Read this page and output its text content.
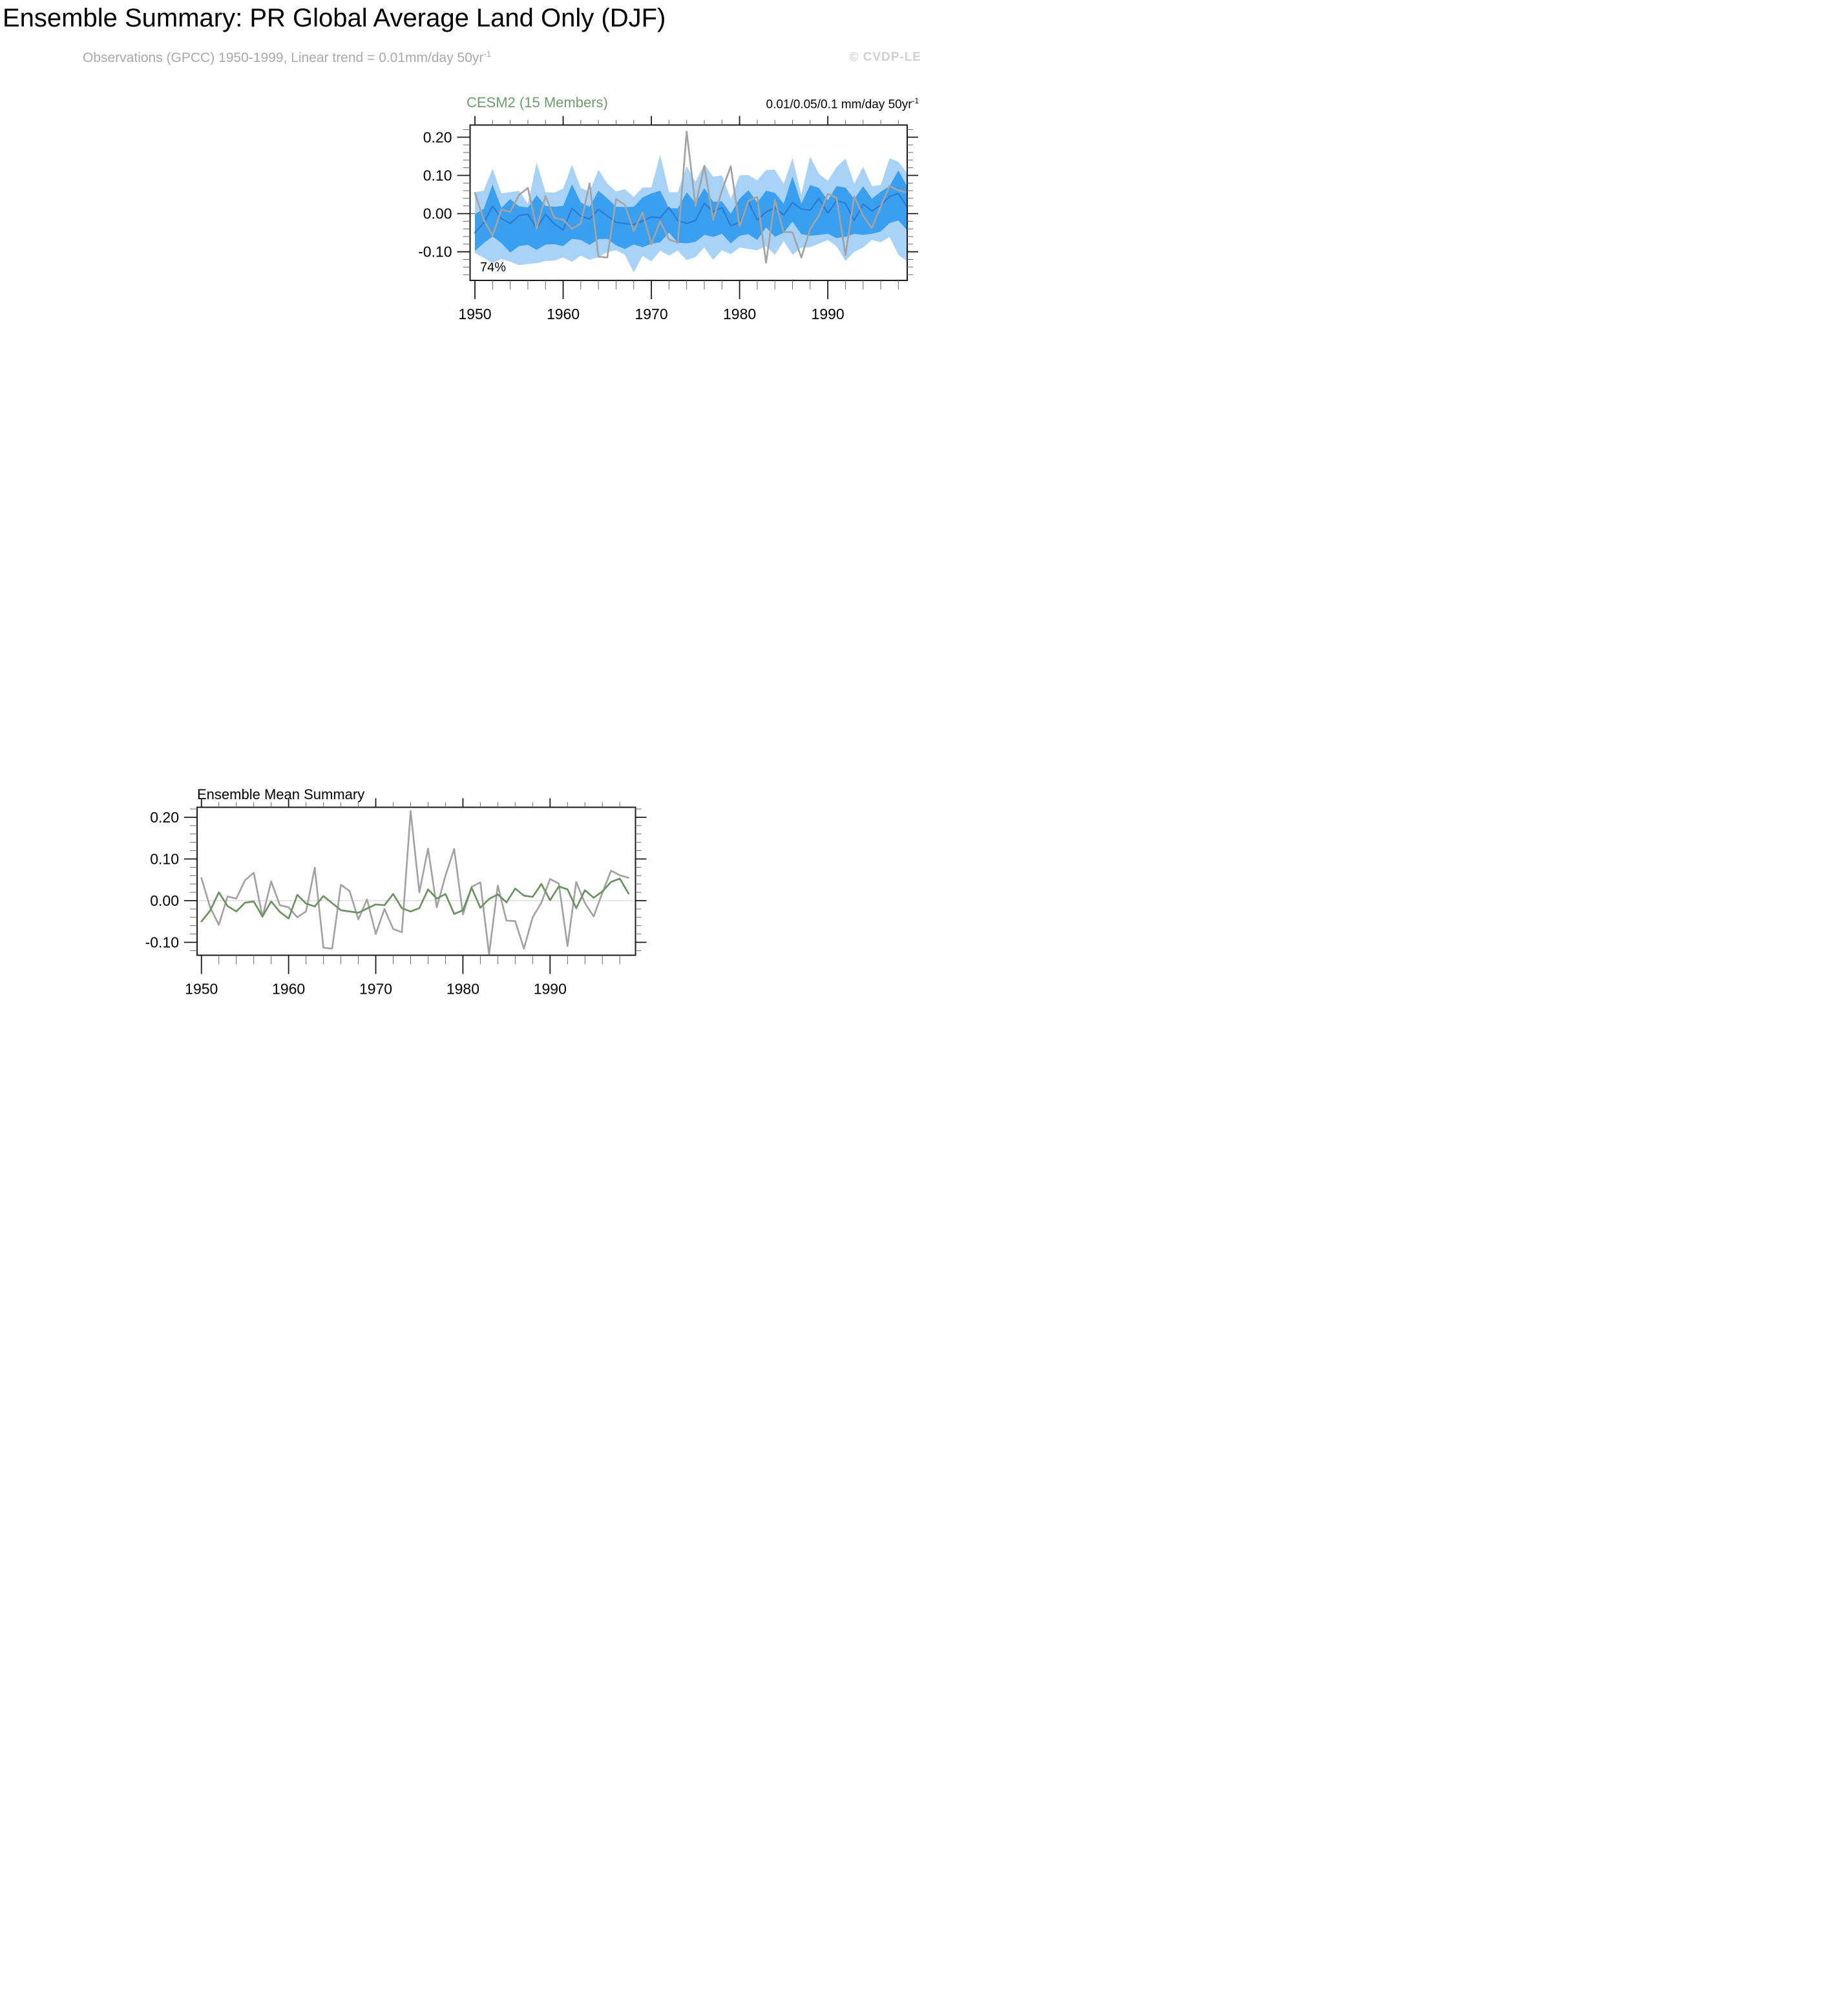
Ensemble Summary: PR Global Average Land Only (DJF)
Observations (GPCC) 1950-1999, Linear trend = 0.01mm/day $50yr^{-1}$	© CVDP-LE
CESM2 (15 Members)	0.01/0.05/0.1 mm/day $50yr^{-1}$
74%
Ensemble Mean Summary
0.20
0.10
0.00
-0.10
1950	1960	1970	1980	1990
0.20
0.10
0.00
-0.10
1950	1960	1970	1980	1990
